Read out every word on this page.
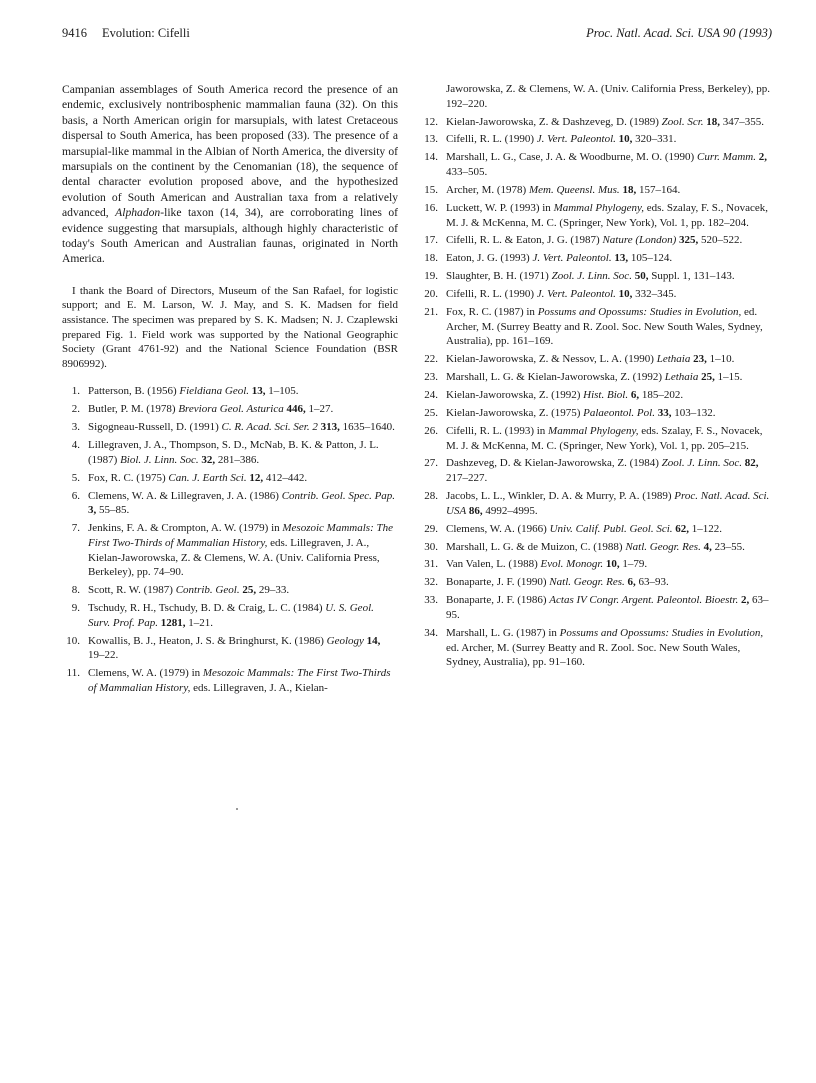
9416 Evolution: Cifelli	Proc. Natl. Acad. Sci. USA 90 (1993)

Campanian assemblages of South America record the presence of an endemic, exclusively nontribosphenic mammalian fauna (32). On this basis, a North American origin for marsupials, with latest Cretaceous dispersal to South America, has been proposed (33). The presence of a marsupial-like mammal in the Albian of North America, the diversity of marsupials on the continent by the Cenomanian (18), the sequence of dental character evolution proposed above, and the hypothesized evolution of South American and Australian taxa from a relatively advanced, Alphadon-like taxon (14, 34), are corroborating lines of evidence suggesting that marsupials, although highly characteristic of today's South American and Australian faunas, originated in North America.

I thank the Board of Directors, Museum of the San Rafael, for logistic support; and E. M. Larson, W. J. May, and S. K. Madsen for field assistance. The specimen was prepared by S. K. Madsen; N. J. Czaplewski prepared Fig. 1. Field work was supported by the National Geographic Society (Grant 4761-92) and the National Science Foundation (BSR 8906992).

1. Patterson, B. (1956) Fieldiana Geol. 13, 1–105.
2. Butler, P. M. (1978) Breviora Geol. Asturica 446, 1–27.
3. Sigogneau-Russell, D. (1991) C. R. Acad. Sci. Ser. 2 313, 1635–1640.
4. Lillegraven, J. A., Thompson, S. D., McNab, B. K. & Patton, J. L. (1987) Biol. J. Linn. Soc. 32, 281–386.
5. Fox, R. C. (1975) Can. J. Earth Sci. 12, 412–442.
6. Clemens, W. A. & Lillegraven, J. A. (1986) Contrib. Geol. Spec. Pap. 3, 55–85.
7. Jenkins, F. A. & Crompton, A. W. (1979) in Mesozoic Mammals: The First Two-Thirds of Mammalian History, eds. Lillegraven, J. A., Kielan-Jaworowska, Z. & Clemens, W. A. (Univ. California Press, Berkeley), pp. 74–90.
8. Scott, R. W. (1987) Contrib. Geol. 25, 29–33.
9. Tschudy, R. H., Tschudy, B. D. & Craig, L. C. (1984) U. S. Geol. Surv. Prof. Pap. 1281, 1–21.
10. Kowallis, B. J., Heaton, J. S. & Bringhurst, K. (1986) Geology 14, 19–22.
11. Clemens, W. A. (1979) in Mesozoic Mammals: The First Two-Thirds of Mammalian History, eds. Lillegraven, J. A., Kielan-
Jaworowska, Z. & Clemens, W. A. (Univ. California Press, Berkeley), pp. 192–220.
12. Kielan-Jaworowska, Z. & Dashzeveg, D. (1989) Zool. Scr. 18, 347–355.
13. Cifelli, R. L. (1990) J. Vert. Paleontol. 10, 320–331.
14. Marshall, L. G., Case, J. A. & Woodburne, M. O. (1990) Curr. Mamm. 2, 433–505.
15. Archer, M. (1978) Mem. Queensl. Mus. 18, 157–164.
16. Luckett, W. P. (1993) in Mammal Phylogeny, eds. Szalay, F. S., Novacek, M. J. & McKenna, M. C. (Springer, New York), Vol. 1, pp. 182–204.
17. Cifelli, R. L. & Eaton, J. G. (1987) Nature (London) 325, 520–522.
18. Eaton, J. G. (1993) J. Vert. Paleontol. 13, 105–124.
19. Slaughter, B. H. (1971) Zool. J. Linn. Soc. 50, Suppl. 1, 131–143.
20. Cifelli, R. L. (1990) J. Vert. Paleontol. 10, 332–345.
21. Fox, R. C. (1987) in Possums and Opossums: Studies in Evolution, ed. Archer, M. (Surrey Beatty and R. Zool. Soc. New South Wales, Sydney, Australia), pp. 161–169.
22. Kielan-Jaworowska, Z. & Nessov, L. A. (1990) Lethaia 23, 1–10.
23. Marshall, L. G. & Kielan-Jaworowska, Z. (1992) Lethaia 25, 1–15.
24. Kielan-Jaworowska, Z. (1992) Hist. Biol. 6, 185–202.
25. Kielan-Jaworowska, Z. (1975) Palaeontol. Pol. 33, 103–132.
26. Cifelli, R. L. (1993) in Mammal Phylogeny, eds. Szalay, F. S., Novacek, M. J. & McKenna, M. C. (Springer, New York), Vol. 1, pp. 205–215.
27. Dashzeveg, D. & Kielan-Jaworowska, Z. (1984) Zool. J. Linn. Soc. 82, 217–227.
28. Jacobs, L. L., Winkler, D. A. & Murry, P. A. (1989) Proc. Natl. Acad. Sci. USA 86, 4992–4995.
29. Clemens, W. A. (1966) Univ. Calif. Publ. Geol. Sci. 62, 1–122.
30. Marshall, L. G. & de Muizon, C. (1988) Natl. Geogr. Res. 4, 23–55.
31. Van Valen, L. (1988) Evol. Monogr. 10, 1–79.
32. Bonaparte, J. F. (1990) Natl. Geogr. Res. 6, 63–93.
33. Bonaparte, J. F. (1986) Actas IV Congr. Argent. Paleontol. Bioestr. 2, 63–95.
34. Marshall, L. G. (1987) in Possums and Opossums: Studies in Evolution, ed. Archer, M. (Surrey Beatty and R. Zool. Soc. New South Wales, Sydney, Australia), pp. 91–160.
